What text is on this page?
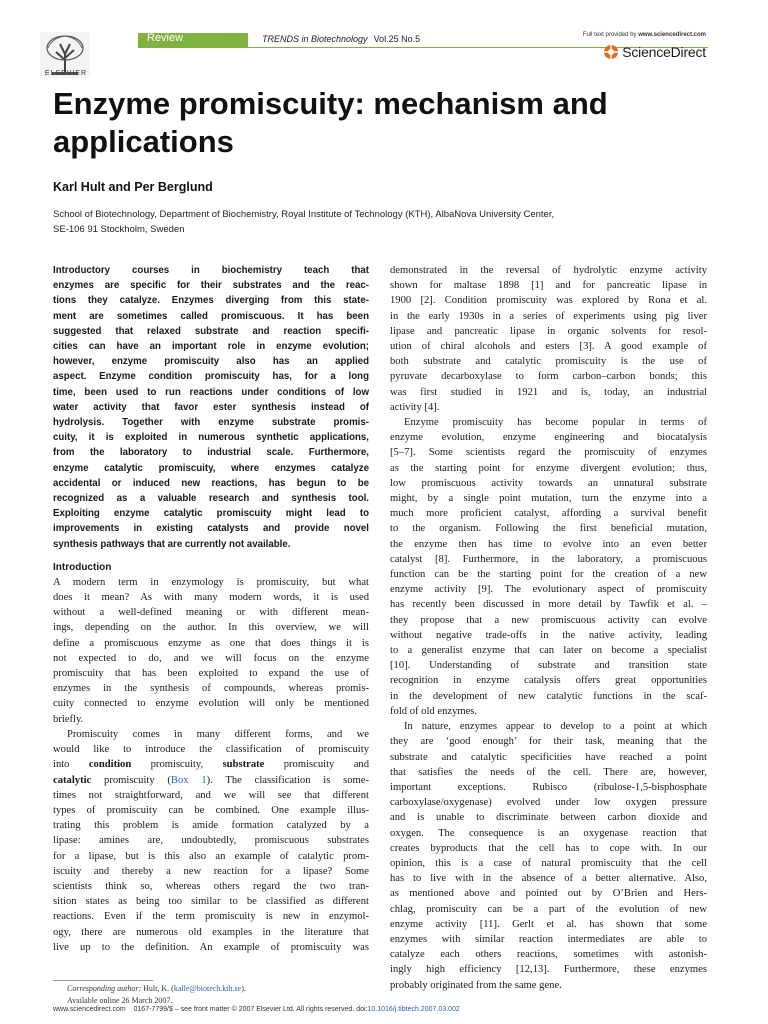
ELSEVIER
Review	TRENDS in Biotechnology Vol.25 No.5	Full text provided by www.sciencedirect.com
ScienceDirect
Enzyme promiscuity: mechanism and
applications
Karl Hult and Per Berglund
School of Biotechnology, Department of Biochemistry, Royal Institute of Technology (KTH), AlbaNova University Center,
SE-106 91 Stockholm, Sweden
Introductory courses in biochemistry teach that
enzymes are specific for their substrates and the reac-
tions they catalyze. Enzymes diverging from this state-
ment are sometimes called promiscuous. It has been
suggested that relaxed substrate and reaction specifi-
cities can have an important role in enzyme evolution;
however, enzyme promiscuity also has an applied
aspect. Enzyme condition promiscuity has, for a long
time, been used to run reactions under conditions of low
water activity that favor ester synthesis instead of
hydrolysis. Together with enzyme substrate promis-
cuity, it is exploited in numerous synthetic applications,
from the laboratory to industrial scale. Furthermore,
enzyme catalytic promiscuity, where enzymes catalyze
accidental or induced new reactions, has begun to be
recognized as a valuable research and synthesis tool.
Exploiting enzyme catalytic promiscuity might lead to
improvements in existing catalysts and provide novel
synthesis pathways that are currently not available.
Introduction
A modern term in enzymology is promiscuity, but what
does it mean? As with many modern words, it is used
without a well-defined meaning or with different mean-
ings, depending on the author. In this overview, we will
define a promiscuous enzyme as one that does things it is
not expected to do, and we will focus on the enzyme
promiscuity that has been exploited to expand the use of
enzymes in the synthesis of compounds, whereas promis-
cuity connected to enzyme evolution will only be mentioned
briefly.
Promiscuity comes in many different forms, and we
would like to introduce the classification of promiscuity
into condition promiscuity, substrate promiscuity and
catalytic promiscuity (Box 1). The classification is some-
times not straightforward, and we will see that different
types of promiscuity can be combined. One example illus-
trating this problem is amide formation catalyzed by a
lipase: amines are, undoubtedly, promiscuous substrates
for a lipase, but is this also an example of catalytic prom-
iscuity and thereby a new reaction for a lipase? Some
scientists think so, whereas others regard the two tran-
sition states as being too similar to be classified as different
reactions. Even if the term promiscuity is new in enzymol-
ogy, there are numerous old examples in the literature that
live up to the definition. An example of promiscuity was
demonstrated in the reversal of hydrolytic enzyme activity
shown for maltase 1898 [1] and for pancreatic lipase in
1900 [2]. Condition promiscuity was explored by Rona et al.
in the early 1930s in a series of experiments using pig liver
lipase and pancreatic lipase in organic solvents for resol-
ution of chiral alcohols and esters [3]. A good example of
both substrate and catalytic promiscuity is the use of
pyruvate decarboxylase to form carbon–carbon bonds; this
was first studied in 1921 and is, today, an industrial
activity [4].
Enzyme promiscuity has become popular in terms of
enzyme evolution, enzyme engineering and biocatalysis
[5–7]. Some scientists regard the promiscuity of enzymes
as the starting point for enzyme divergent evolution; thus,
low promiscuous activity towards an unnatural substrate
might, by a single point mutation, turn the enzyme into a
much more proficient catalyst, affording a survival benefit
to the organism. Following the first beneficial mutation,
the enzyme then has time to evolve into an even better
catalyst [8]. Furthermore, in the laboratory, a promiscuous
function can be the starting point for the creation of a new
enzyme activity [9]. The evolutionary aspect of promiscuity
has recently been discussed in more detail by Tawfik et al. –
they propose that a new promiscuous activity can evolve
without negative trade-offs in the native activity, leading
to a generalist enzyme that can later on become a specialist
[10]. Understanding of substrate and transition state
recognition in enzyme catalysis offers great opportunities
in the development of new catalytic functions in the scaf-
fold of old enzymes.
In nature, enzymes appear to develop to a point at which
they are ‘good enough’ for their task, meaning that the
substrate and catalytic specificities have reached a point
that satisfies the needs of the cell. There are, however,
important exceptions. Rubisco (ribulose-1,5-bisphosphate
carboxylase/oxygenase) evolved under low oxygen pressure
and is unable to discriminate between carbon dioxide and
oxygen. The consequence is an oxygenase reaction that
creates byproducts that the cell has to cope with. In our
opinion, this is a case of natural promiscuity that the cell
has to live with in the absence of a better alternative. Also,
as mentioned above and pointed out by O’Brien and Hers-
chlag, promiscuity can be a part of the evolution of new
enzyme activity [11]. Gerlt et al. has shown that some
enzymes with similar reaction intermediates are able to
catalyze each others reactions, sometimes with astonish-
ingly high efficiency [12,13]. Furthermore, these enzymes
probably originated from the same gene.
Corresponding author: Hult, K. (kalle@biotech.kth.se).
Available online 26 March 2007.
www.sciencedirect.com    0167-7799/$ – see front matter © 2007 Elsevier Ltd. All rights reserved. doi:10.1016/j.tibtech.2007.03.002
